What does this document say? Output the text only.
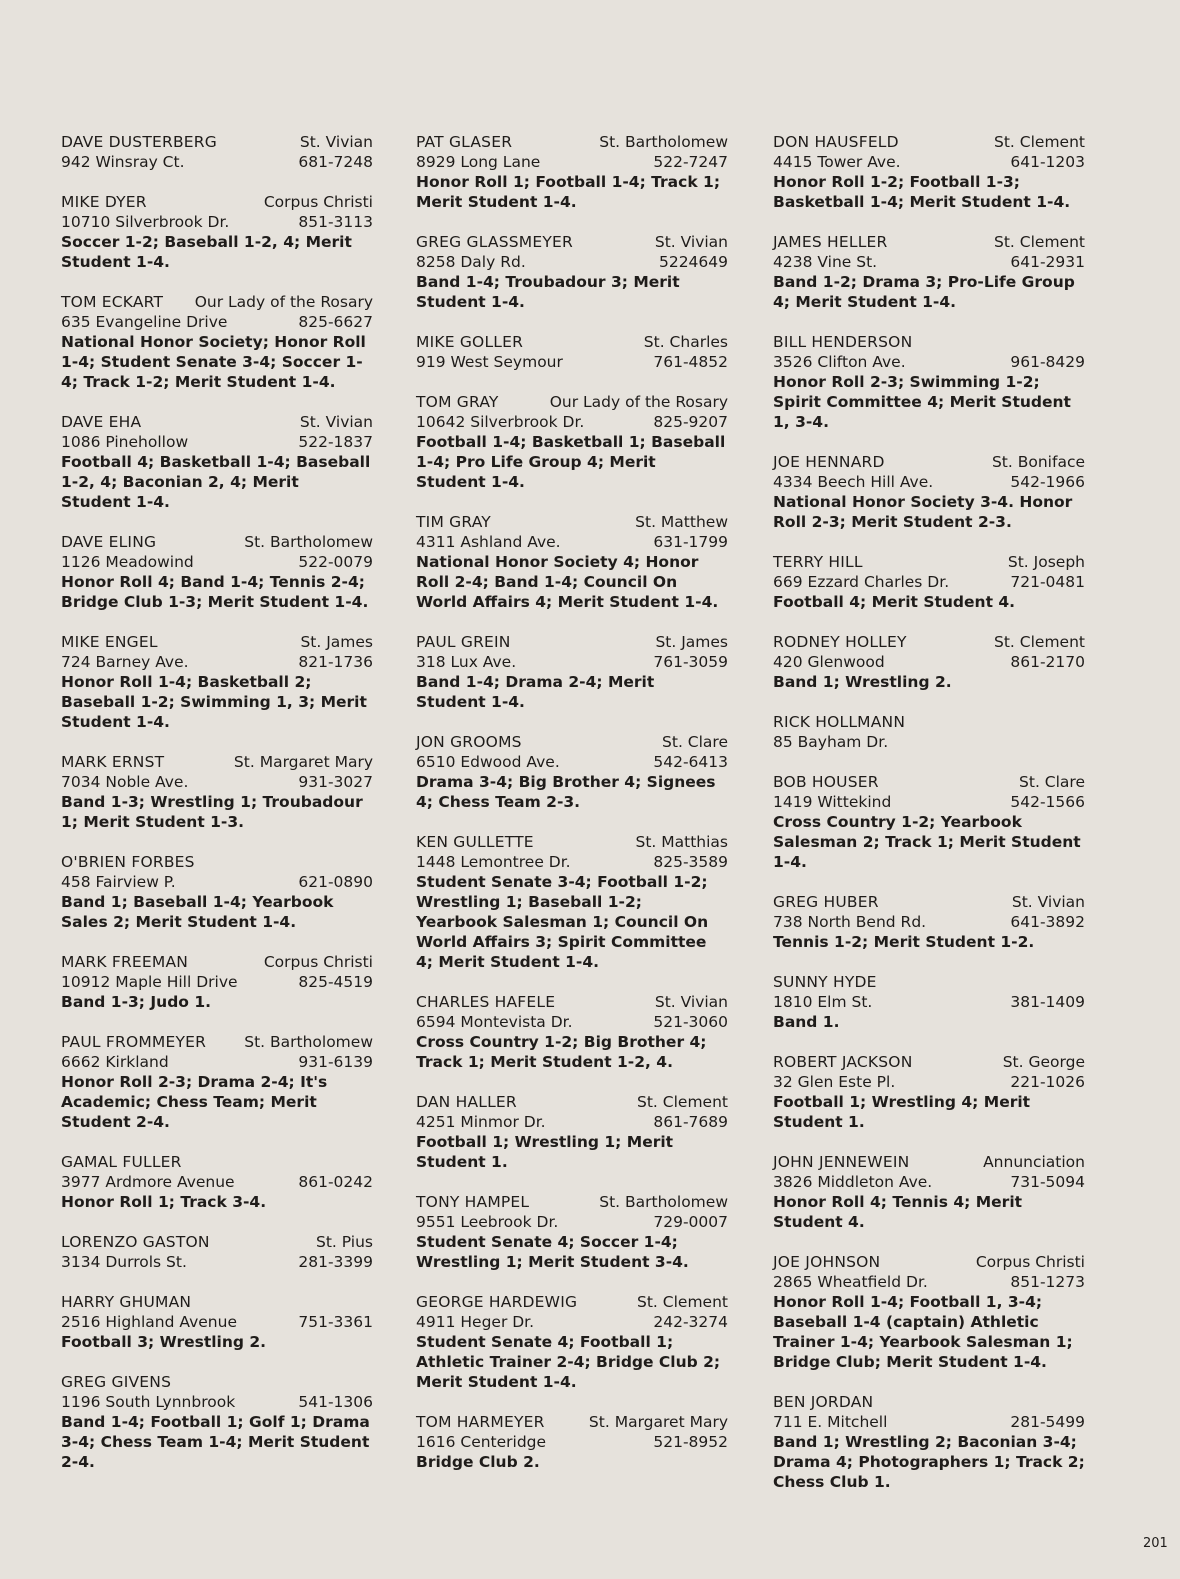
DAVE DUSTERBERG	St. Vivian
942 Winsray Ct.	681-7248
MIKE DYER	Corpus Christi
10710 Silverbrook Dr.	851-3113
Soccer 1-2; Baseball 1-2, 4; Merit Student 1-4.
TOM ECKART Our Lady of the Rosary
635 Evangeline Drive	825-6627
National Honor Society; Honor Roll 1-4; Student Senate 3-4; Soccer 1-4; Track 1-2; Merit Student 1-4.
DAVE EHA	St. Vivian
1086 Pinehollow	522-1837
Football 4; Basketball 1-4; Baseball 1-2, 4; Baconian 2, 4; Merit Student 1-4.
DAVE ELING	St. Bartholomew
1126 Meadowind	522-0079
Honor Roll 4; Band 1-4; Tennis 2-4; Bridge Club 1-3; Merit Student 1-4.
MIKE ENGEL	St. James
724 Barney Ave.	821-1736
Honor Roll 1-4; Basketball 2; Baseball 1-2; Swimming 1, 3; Merit Student 1-4.
MARK ERNST	St. Margaret Mary
7034 Noble Ave.	931-3027
Band 1-3; Wrestling 1; Troubadour 1; Merit Student 1-3.
O'BRIEN FORBES
458 Fairview P.	621-0890
Band 1; Baseball 1-4; Yearbook Sales 2; Merit Student 1-4.
MARK FREEMAN	Corpus Christi
10912 Maple Hill Drive	825-4519
Band 1-3; Judo 1.
PAUL FROMMEYER St. Bartholomew
6662 Kirkland	931-6139
Honor Roll 2-3; Drama 2-4; It's Academic; Chess Team; Merit Student 2-4.
GAMAL FULLER
3977 Ardmore Avenue	861-0242
Honor Roll 1; Track 3-4.
LORENZO GASTON	St. Pius
3134 Durrols St.	281-3399
HARRY GHUMAN
2516 Highland Avenue	751-3361
Football 3; Wrestling 2.
GREG GIVENS
1196 South Lynnbrook	541-1306
Band 1-4; Football 1; Golf 1; Drama 3-4; Chess Team 1-4; Merit Student 2-4.
PAT GLASER	St. Bartholomew
8929 Long Lane	522-7247
Honor Roll 1; Football 1-4; Track 1; Merit Student 1-4.
GREG GLASSMEYER	St. Vivian
8258 Daly Rd.	5224649
Band 1-4; Troubadour 3; Merit Student 1-4.
MIKE GOLLER	St. Charles
919 West Seymour	761-4852
TOM GRAY	Our Lady of the Rosary
10642 Silverbrook Dr.	825-9207
Football 1-4; Basketball 1; Baseball 1-4; Pro Life Group 4; Merit Student 1-4.
TIM GRAY	St. Matthew
4311 Ashland Ave.	631-1799
National Honor Society 4; Honor Roll 2-4; Band 1-4; Council On World Affairs 4; Merit Student 1-4.
PAUL GREIN	St. James
318 Lux Ave.	761-3059
Band 1-4; Drama 2-4; Merit Student 1-4.
JON GROOMS	St. Clare
6510 Edwood Ave.	542-6413
Drama 3-4; Big Brother 4; Signees 4; Chess Team 2-3.
KEN GULLETTE	St. Matthias
1448 Lemontree Dr.	825-3589
Student Senate 3-4; Football 1-2; Wrestling 1; Baseball 1-2; Yearbook Salesman 1; Council On World Affairs 3; Spirit Committee 4; Merit Student 1-4.
CHARLES HAFELE	St. Vivian
6594 Montevista Dr.	521-3060
Cross Country 1-2; Big Brother 4; Track 1; Merit Student 1-2, 4.
DAN HALLER	St. Clement
4251 Minmor Dr.	861-7689
Football 1; Wrestling 1; Merit Student 1.
TONY HAMPEL	St. Bartholomew
9551 Leebrook Dr.	729-0007
Student Senate 4; Soccer 1-4; Wrestling 1; Merit Student 3-4.
GEORGE HARDEWIG	St. Clement
4911 Heger Dr.	242-3274
Student Senate 4; Football 1; Athletic Trainer 2-4; Bridge Club 2; Merit Student 1-4.
TOM HARMEYER	St. Margaret Mary
1616 Centeridge	521-8952
Bridge Club 2.
DON HAUSFELD	St. Clement
4415 Tower Ave.	641-1203
Honor Roll 1-2; Football 1-3; Basketball 1-4; Merit Student 1-4.
JAMES HELLER	St. Clement
4238 Vine St.	641-2931
Band 1-2; Drama 3; Pro-Life Group 4; Merit Student 1-4.
BILL HENDERSON
3526 Clifton Ave.	961-8429
Honor Roll 2-3; Swimming 1-2; Spirit Committee 4; Merit Student 1, 3-4.
JOE HENNARD	St. Boniface
4334 Beech Hill Ave.	542-1966
National Honor Society 3-4. Honor Roll 2-3; Merit Student 2-3.
TERRY HILL	St. Joseph
669 Ezzard Charles Dr.	721-0481
Football 4; Merit Student 4.
RODNEY HOLLEY	St. Clement
420 Glenwood	861-2170
Band 1; Wrestling 2.
RICK HOLLMANN
85 Bayham Dr.
BOB HOUSER	St. Clare
1419 Wittekind	542-1566
Cross Country 1-2; Yearbook Salesman 2; Track 1; Merit Student 1-4.
GREG HUBER	St. Vivian
738 North Bend Rd.	641-3892
Tennis 1-2; Merit Student 1-2.
SUNNY HYDE
1810 Elm St.	381-1409
Band 1.
ROBERT JACKSON	St. George
32 Glen Este Pl.	221-1026
Football 1; Wrestling 4; Merit Student 1.
JOHN JENNEWEIN	Annunciation
3826 Middleton Ave.	731-5094
Honor Roll 4; Tennis 4; Merit Student 4.
JOE JOHNSON	Corpus Christi
2865 Wheatfield Dr.	851-1273
Honor Roll 1-4; Football 1, 3-4; Baseball 1-4 (captain) Athletic Trainer 1-4; Yearbook Salesman 1; Bridge Club; Merit Student 1-4.
BEN JORDAN
711 E. Mitchell	281-5499
Band 1; Wrestling 2; Baconian 3-4; Drama 4; Photographers 1; Track 2; Chess Club 1.
201
